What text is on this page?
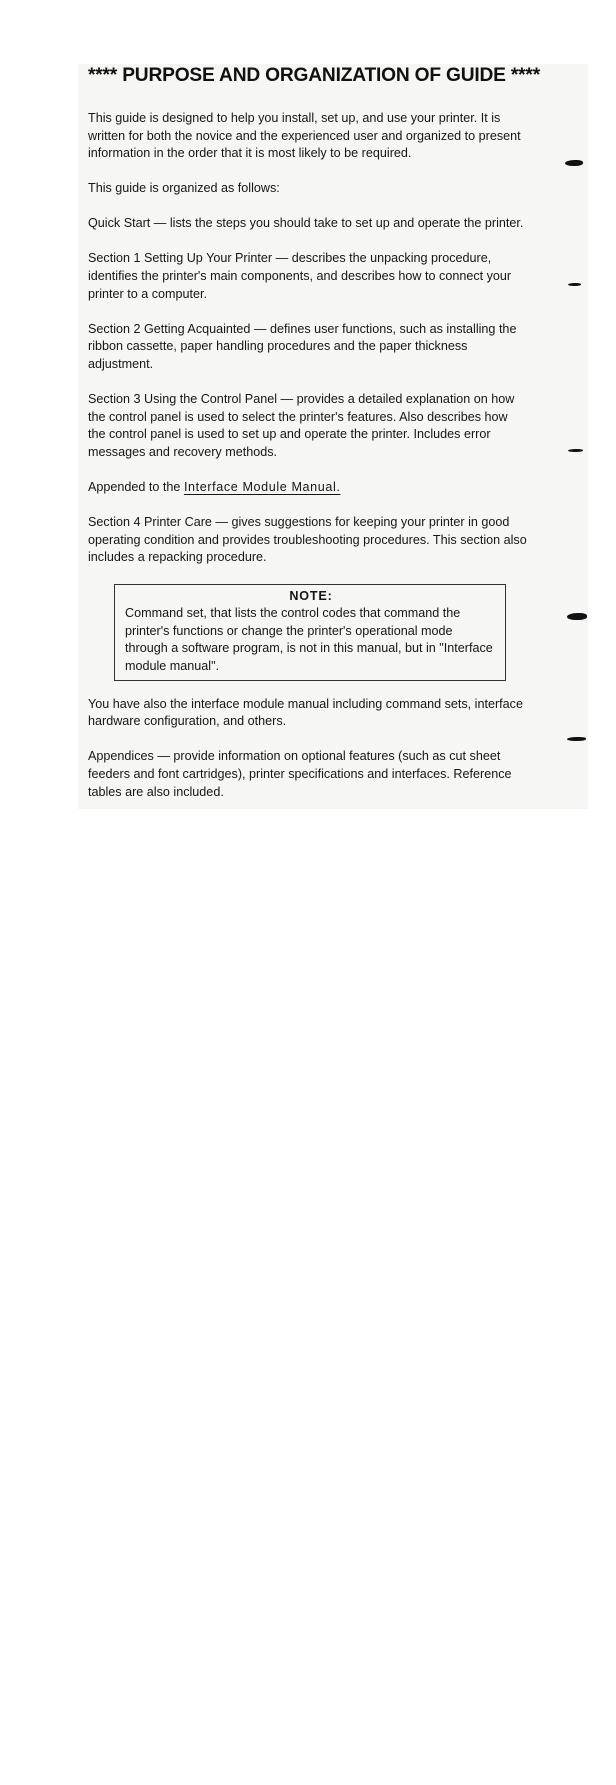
**** PURPOSE AND ORGANIZATION OF GUIDE ****

This guide is designed to help you install, set up, and use your printer. It is written for both the novice and the experienced user and organized to present information in the order that it is most likely to be required.

This guide is organized as follows:

Quick Start — lists the steps you should take to set up and operate the printer.

Section 1 Setting Up Your Printer — describes the unpacking procedure, identifies the printer's main components, and describes how to connect your printer to a computer.

Section 2 Getting Acquainted — defines user functions, such as installing the ribbon cassette, paper handling procedures and the paper thickness adjustment.

Section 3 Using the Control Panel — provides a detailed explanation on how the control panel is used to select the printer's features. Also describes how the control panel is used to set up and operate the printer. Includes error messages and recovery methods.

Appended to the Interface Module Manual.

Section 4 Printer Care — gives suggestions for keeping your printer in good operating condition and provides troubleshooting procedures. This section also includes a repacking procedure.

NOTE:

Command set, that lists the control codes that command the printer's functions or change the printer's operational mode through a software program, is not in this manual, but in "Interface module manual".

You have also the interface module manual including command sets, interface hardware configuration, and others.

Appendices — provide information on optional features (such as cut sheet feeders and font cartridges), printer specifications and interfaces. Reference tables are also included.
